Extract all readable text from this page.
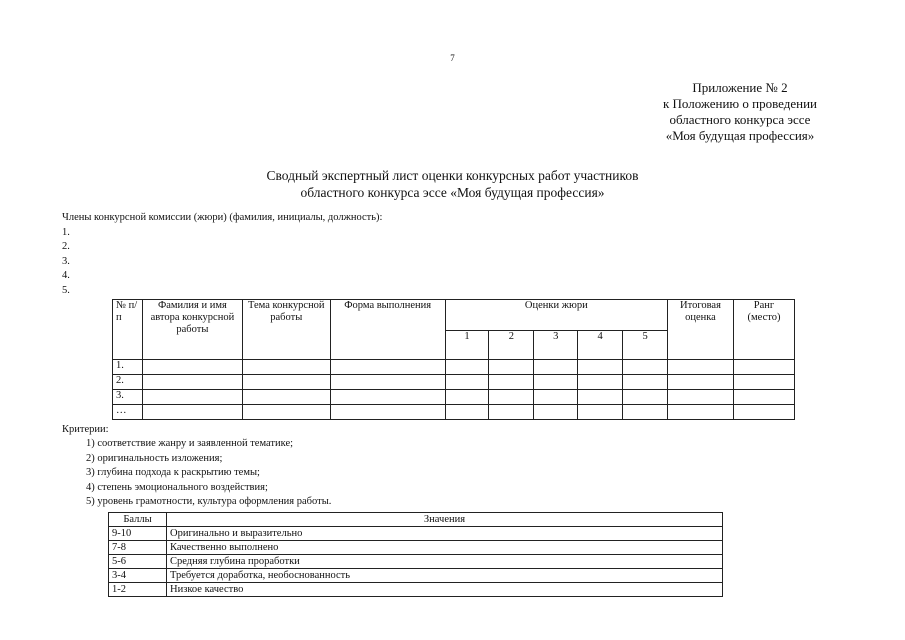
7
Приложение № 2
к Положению о проведении
областного конкурса эссе
«Моя будущая профессия»
Сводный экспертный лист оценки конкурсных работ участников
областного конкурса эссе «Моя будущая профессия»
Члены конкурсной комиссии (жюри) (фамилия, инициалы, должность):
1.
2.
3.
4.
5.
№ п/п	Фамилия и имя автора конкурсной работы	Тема конкурсной работы	Форма выполнения	Оценки жюри					Итоговая оценка	Ранг (место)
				1	2	3	4	5		
1.										
2.										
3.										
…										
Критерии:
1) соответствие жанру и заявленной тематике;
2) оригинальность изложения;
3) глубина подхода к раскрытию темы;
4) степень эмоционального воздействия;
5) уровень грамотности, культура оформления работы.
Баллы	Значения
9-10	Оригинально и выразительно
7-8	Качественно выполнено
5-6	Средняя глубина проработки
3-4	Требуется доработка, необоснованность
1-2	Низкое качество
